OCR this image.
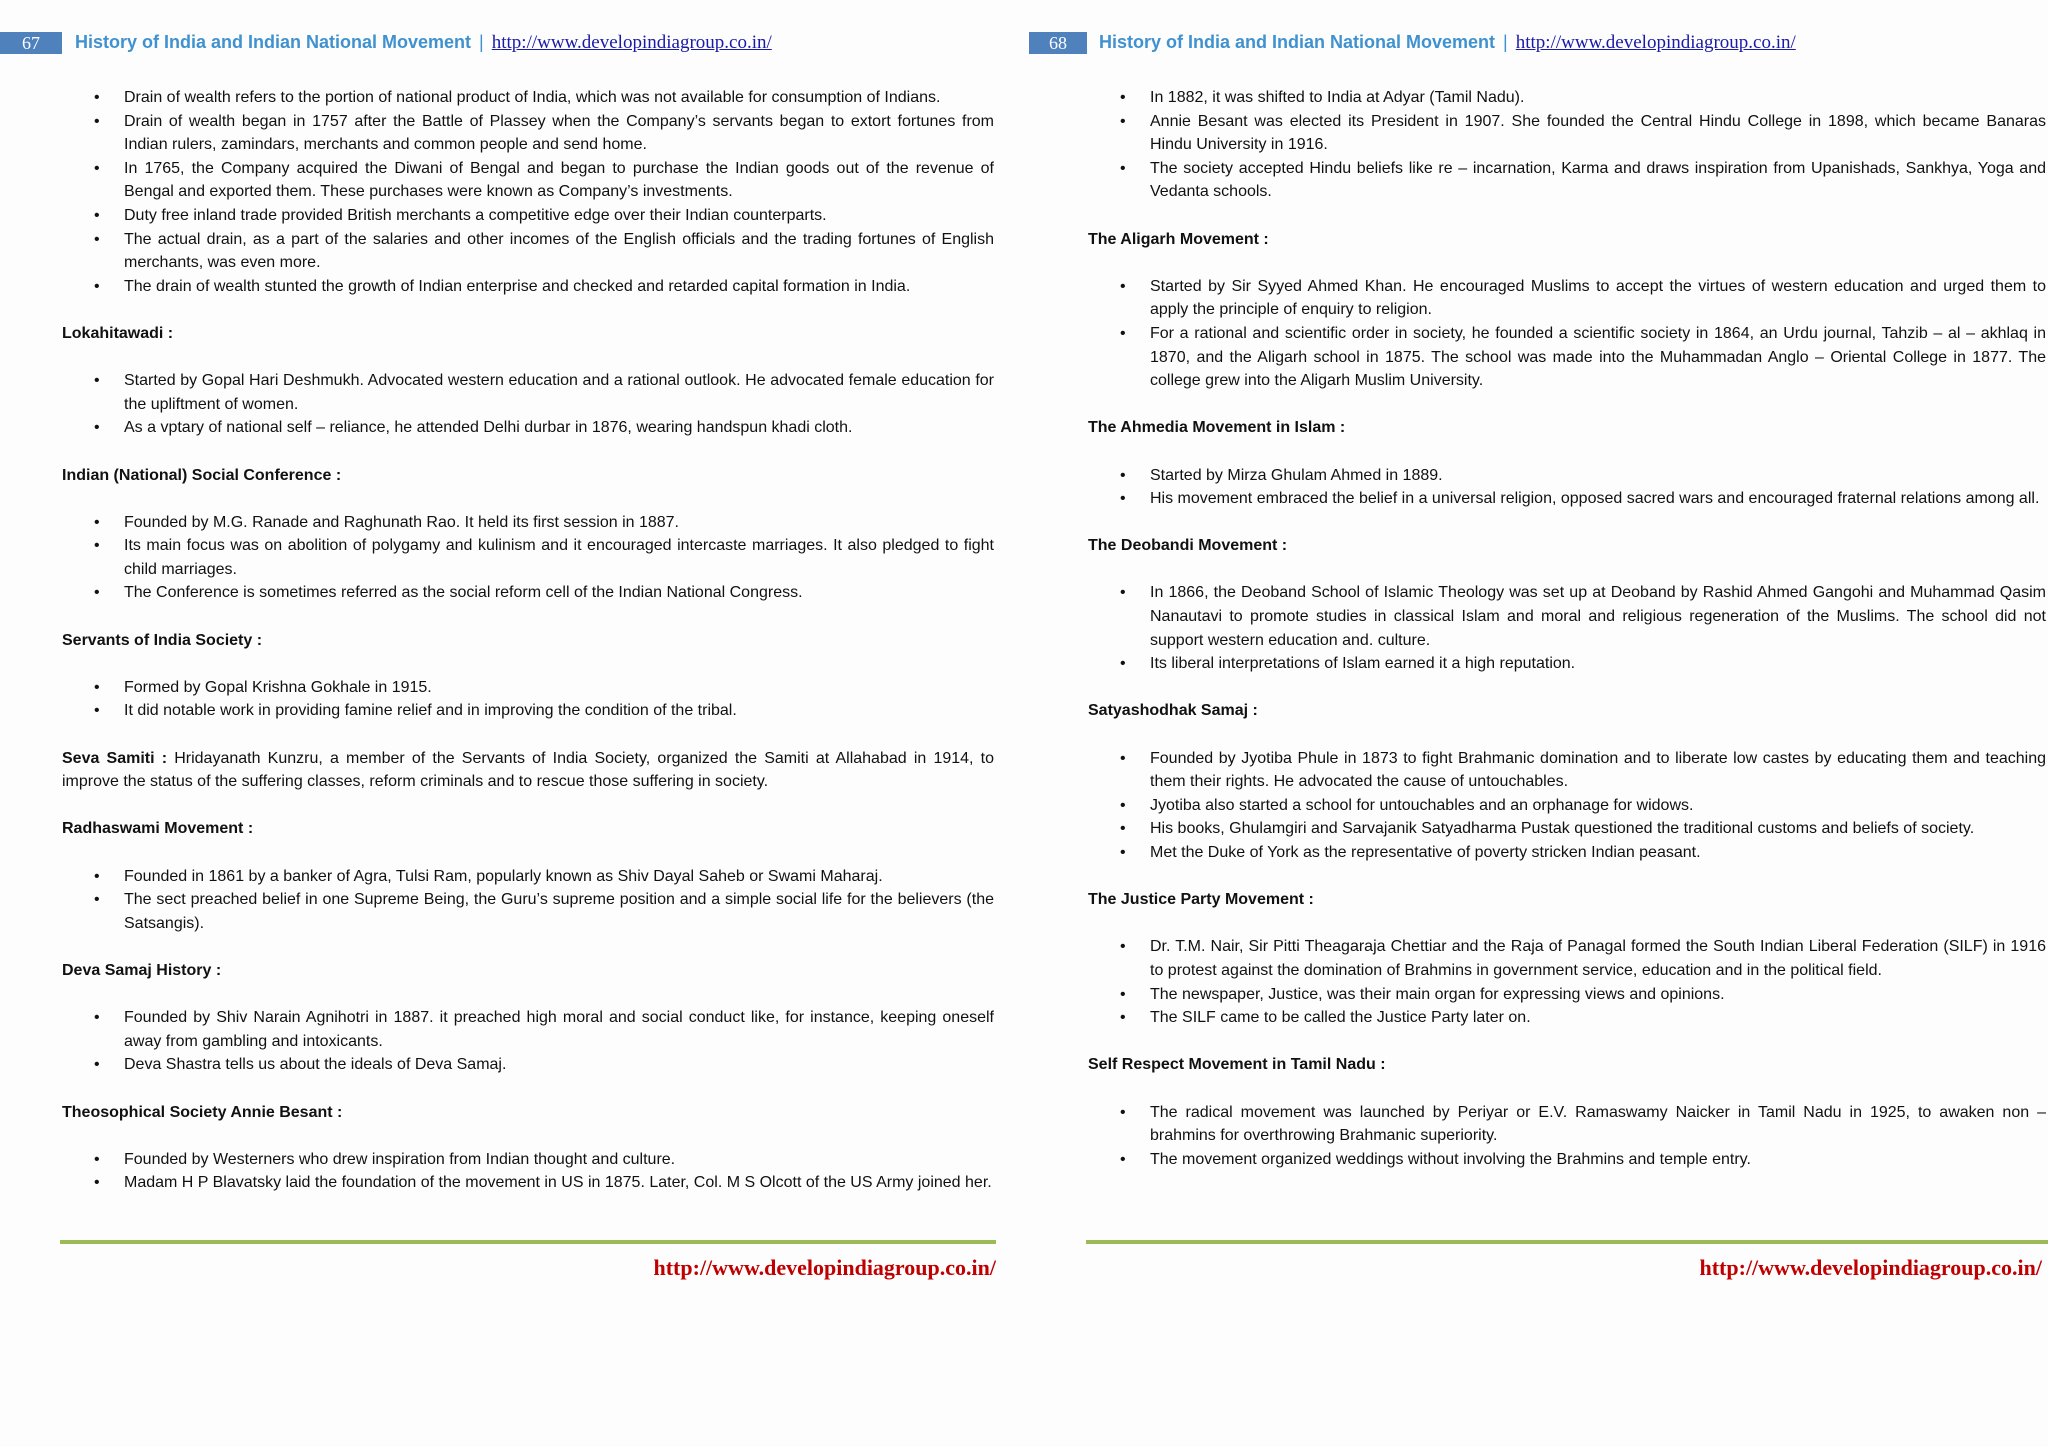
67	History of India and Indian National Movement | http://www.developindiagroup.co.in/
• Drain of wealth refers to the portion of national product of India, which was not available for consumption of Indians.
• Drain of wealth began in 1757 after the Battle of Plassey when the Company’s servants began to extort fortunes from Indian rulers, zamindars, merchants and common people and send home.
• In 1765, the Company acquired the Diwani of Bengal and began to purchase the Indian goods out of the revenue of Bengal and exported them. These purchases were known as Company’s investments.
• Duty free inland trade provided British merchants a competitive edge over their Indian counterparts.
• The actual drain, as a part of the salaries and other incomes of the English officials and the trading fortunes of English merchants, was even more.
• The drain of wealth stunted the growth of Indian enterprise and checked and retarded capital formation in India.
Lokahitawadi :
• Started by Gopal Hari Deshmukh. Advocated western education and a rational outlook. He advocated female education for the upliftment of women.
• As a vptary of national self – reliance, he attended Delhi durbar in 1876, wearing handspun khadi cloth.
Indian (National) Social Conference :
• Founded by M.G. Ranade and Raghunath Rao. It held its first session in 1887.
• Its main focus was on abolition of polygamy and kulinism and it encouraged intercaste marriages. It also pledged to fight child marriages.
• The Conference is sometimes referred as the social reform cell of the Indian National Congress.
Servants of India Society :
• Formed by Gopal Krishna Gokhale in 1915.
• It did notable work in providing famine relief and in improving the condition of the tribal.
Seva Samiti : Hridayanath Kunzru, a member of the Servants of India Society, organized the Samiti at Allahabad in 1914, to improve the status of the suffering classes, reform criminals and to rescue those suffering in society.
Radhaswami Movement :
• Founded in 1861 by a banker of Agra, Tulsi Ram, popularly known as Shiv Dayal Saheb or Swami Maharaj.
• The sect preached belief in one Supreme Being, the Guru’s supreme position and a simple social life for the believers (the Satsangis).
Deva Samaj History :
• Founded by Shiv Narain Agnihotri in 1887. it preached high moral and social conduct like, for instance, keeping oneself away from gambling and intoxicants.
• Deva Shastra tells us about the ideals of Deva Samaj.
Theosophical Society Annie Besant :
• Founded by Westerners who drew inspiration from Indian thought and culture.
• Madam H P Blavatsky laid the foundation of the movement in US in 1875. Later, Col. M S Olcott of the US Army joined her.
http://www.developindiagroup.co.in/
68	History of India and Indian National Movement | http://www.developindiagroup.co.in/
• In 1882, it was shifted to India at Adyar (Tamil Nadu).
• Annie Besant was elected its President in 1907. She founded the Central Hindu College in 1898, which became Banaras Hindu University in 1916.
• The society accepted Hindu beliefs like re – incarnation, Karma and draws inspiration from Upanishads, Sankhya, Yoga and Vedanta schools.
The Aligarh Movement :
• Started by Sir Syyed Ahmed Khan. He encouraged Muslims to accept the virtues of western education and urged them to apply the principle of enquiry to religion.
• For a rational and scientific order in society, he founded a scientific society in 1864, an Urdu journal, Tahzib – al – akhlaq in 1870, and the Aligarh school in 1875. The school was made into the Muhammadan Anglo – Oriental College in 1877. The college grew into the Aligarh Muslim University.
The Ahmedia Movement in Islam :
• Started by Mirza Ghulam Ahmed in 1889.
• His movement embraced the belief in a universal religion, opposed sacred wars and encouraged fraternal relations among all.
The Deobandi Movement :
• In 1866, the Deoband School of Islamic Theology was set up at Deoband by Rashid Ahmed Gangohi and Muhammad Qasim Nanautavi to promote studies in classical Islam and moral and religious regeneration of the Muslims. The school did not support western education and. culture.
• Its liberal interpretations of Islam earned it a high reputation.
Satyashodhak Samaj :
• Founded by Jyotiba Phule in 1873 to fight Brahmanic domination and to liberate low castes by educating them and teaching them their rights. He advocated the cause of untouchables.
• Jyotiba also started a school for untouchables and an orphanage for widows.
• His books, Ghulamgiri and Sarvajanik Satyadharma Pustak questioned the traditional customs and beliefs of society.
• Met the Duke of York as the representative of poverty stricken Indian peasant.
The Justice Party Movement :
• Dr. T.M. Nair, Sir Pitti Theagaraja Chettiar and the Raja of Panagal formed the South Indian Liberal Federation (SILF) in 1916 to protest against the domination of Brahmins in government service, education and in the political field.
• The newspaper, Justice, was their main organ for expressing views and opinions.
• The SILF came to be called the Justice Party later on.
Self Respect Movement in Tamil Nadu :
• The radical movement was launched by Periyar or E.V. Ramaswamy Naicker in Tamil Nadu in 1925, to awaken non – brahmins for overthrowing Brahmanic superiority.
• The movement organized weddings without involving the Brahmins and temple entry.
http://www.developindiagroup.co.in/
